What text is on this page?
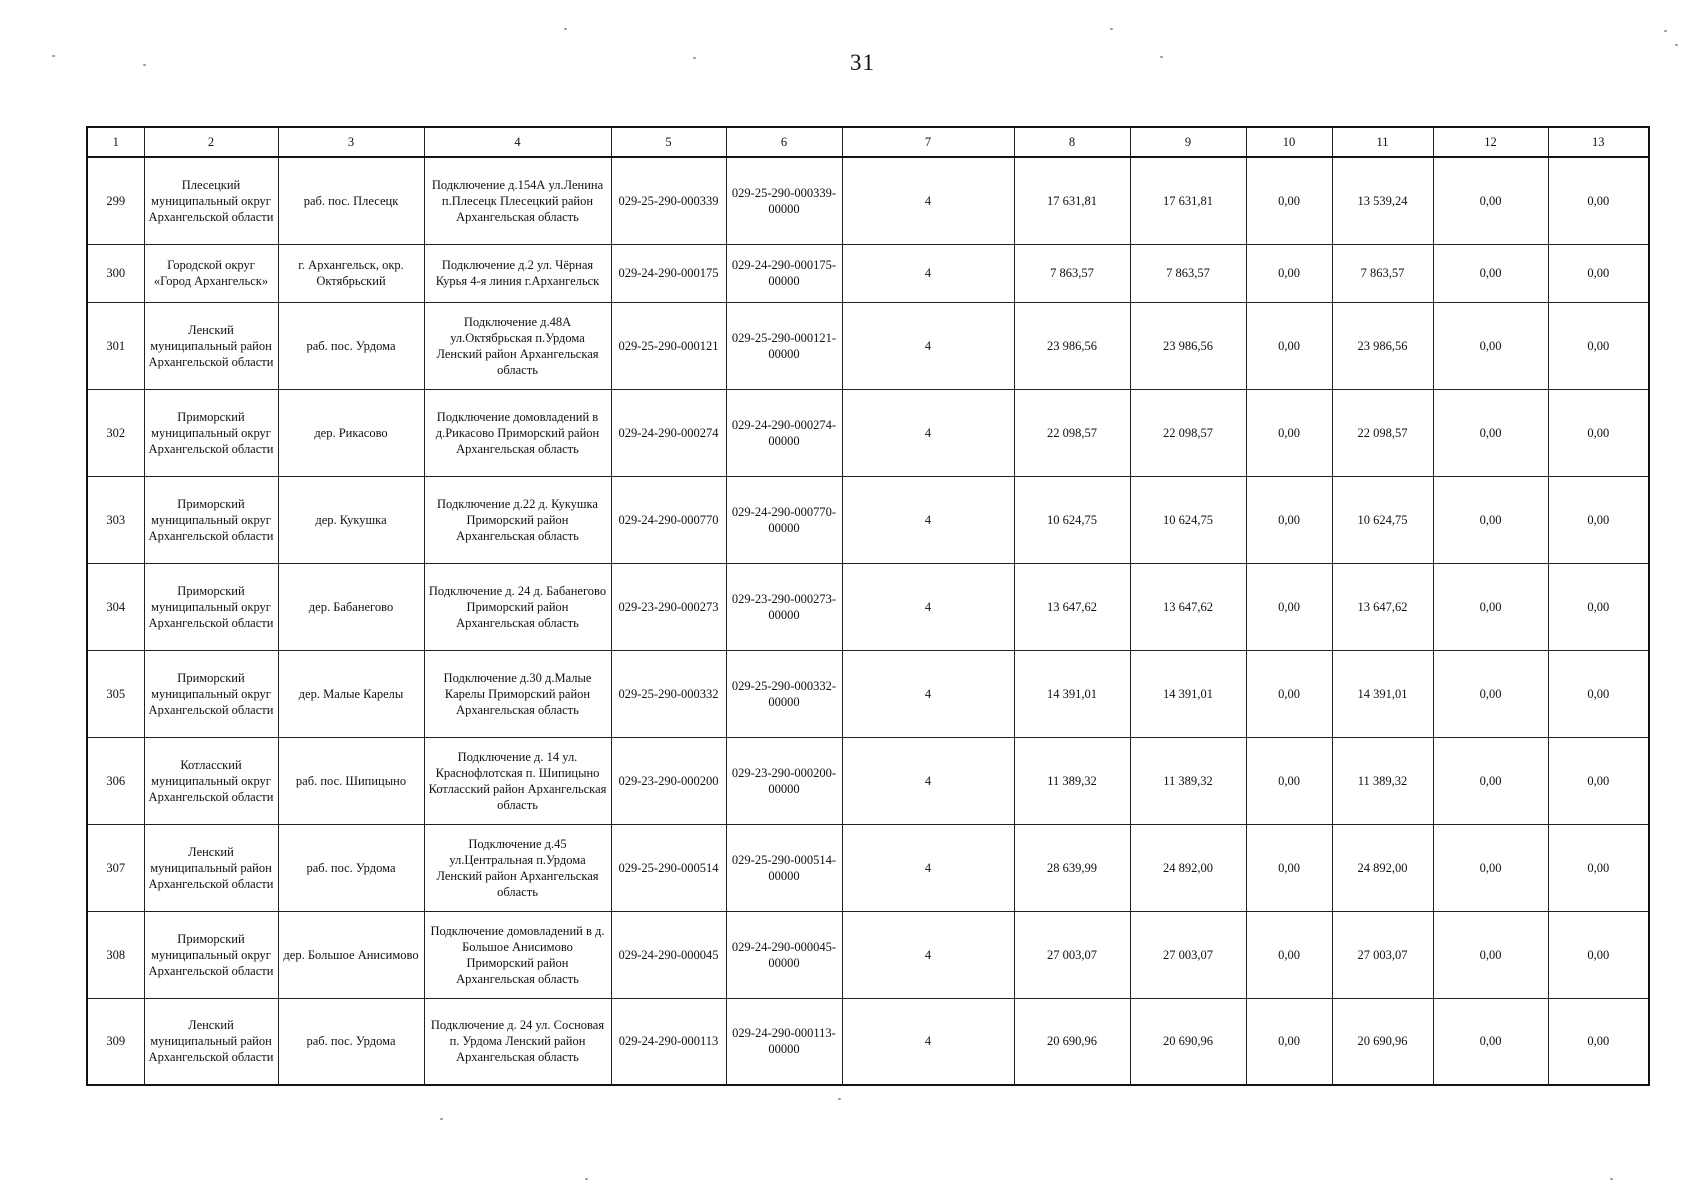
31
1	2	3	4	5	6	7	8	9	10	11	12	13
299	Плесецкий муниципальный округ Архангельской области	раб. пос. Плесецк	Подключение д.154А ул.Ленина п.Плесецк Плесецкий район Архангельская область	029-25-290-000339	029-25-290-000339-00000	4	17 631,81	17 631,81	0,00	13 539,24	0,00	0,00
300	Городской округ «Город Архангельск»	г. Архангельск, окр. Октябрьский	Подключение д.2 ул. Чёрная Курья 4-я линия г.Архангельск	029-24-290-000175	029-24-290-000175-00000	4	7 863,57	7 863,57	0,00	7 863,57	0,00	0,00
301	Ленский муниципальный район Архангельской области	раб. пос. Урдома	Подключение д.48А ул.Октябрьская п.Урдома Ленский район Архангельская область	029-25-290-000121	029-25-290-000121-00000	4	23 986,56	23 986,56	0,00	23 986,56	0,00	0,00
302	Приморский муниципальный округ Архангельской области	дер. Рикасово	Подключение домовладений в д.Рикасово Приморский район Архангельская область	029-24-290-000274	029-24-290-000274-00000	4	22 098,57	22 098,57	0,00	22 098,57	0,00	0,00
303	Приморский муниципальный округ Архангельской области	дер. Кукушка	Подключение д.22 д. Кукушка Приморский район Архангельская область	029-24-290-000770	029-24-290-000770-00000	4	10 624,75	10 624,75	0,00	10 624,75	0,00	0,00
304	Приморский муниципальный округ Архангельской области	дер. Бабанегово	Подключение д. 24 д. Бабанегово Приморский район Архангельская область	029-23-290-000273	029-23-290-000273-00000	4	13 647,62	13 647,62	0,00	13 647,62	0,00	0,00
305	Приморский муниципальный округ Архангельской области	дер. Малые Карелы	Подключение д.30 д.Малые Карелы Приморский район Архангельская область	029-25-290-000332	029-25-290-000332-00000	4	14 391,01	14 391,01	0,00	14 391,01	0,00	0,00
306	Котласский муниципальный округ Архангельской области	раб. пос. Шипицыно	Подключение д. 14 ул. Краснофлотская п. Шипицыно Котласский район Архангельская область	029-23-290-000200	029-23-290-000200-00000	4	11 389,32	11 389,32	0,00	11 389,32	0,00	0,00
307	Ленский муниципальный район Архангельской области	раб. пос. Урдома	Подключение д.45 ул.Центральная п.Урдома Ленский район Архангельская область	029-25-290-000514	029-25-290-000514-00000	4	28 639,99	24 892,00	0,00	24 892,00	0,00	0,00
308	Приморский муниципальный округ Архангельской области	дер. Большое Анисимово	Подключение домовладений в д. Большое Анисимово Приморский район Архангельская область	029-24-290-000045	029-24-290-000045-00000	4	27 003,07	27 003,07	0,00	27 003,07	0,00	0,00
309	Ленский муниципальный район Архангельской области	раб. пос. Урдома	Подключение д. 24 ул. Сосновая п. Урдома Ленский район Архангельская область	029-24-290-000113	029-24-290-000113-00000	4	20 690,96	20 690,96	0,00	20 690,96	0,00	0,00
